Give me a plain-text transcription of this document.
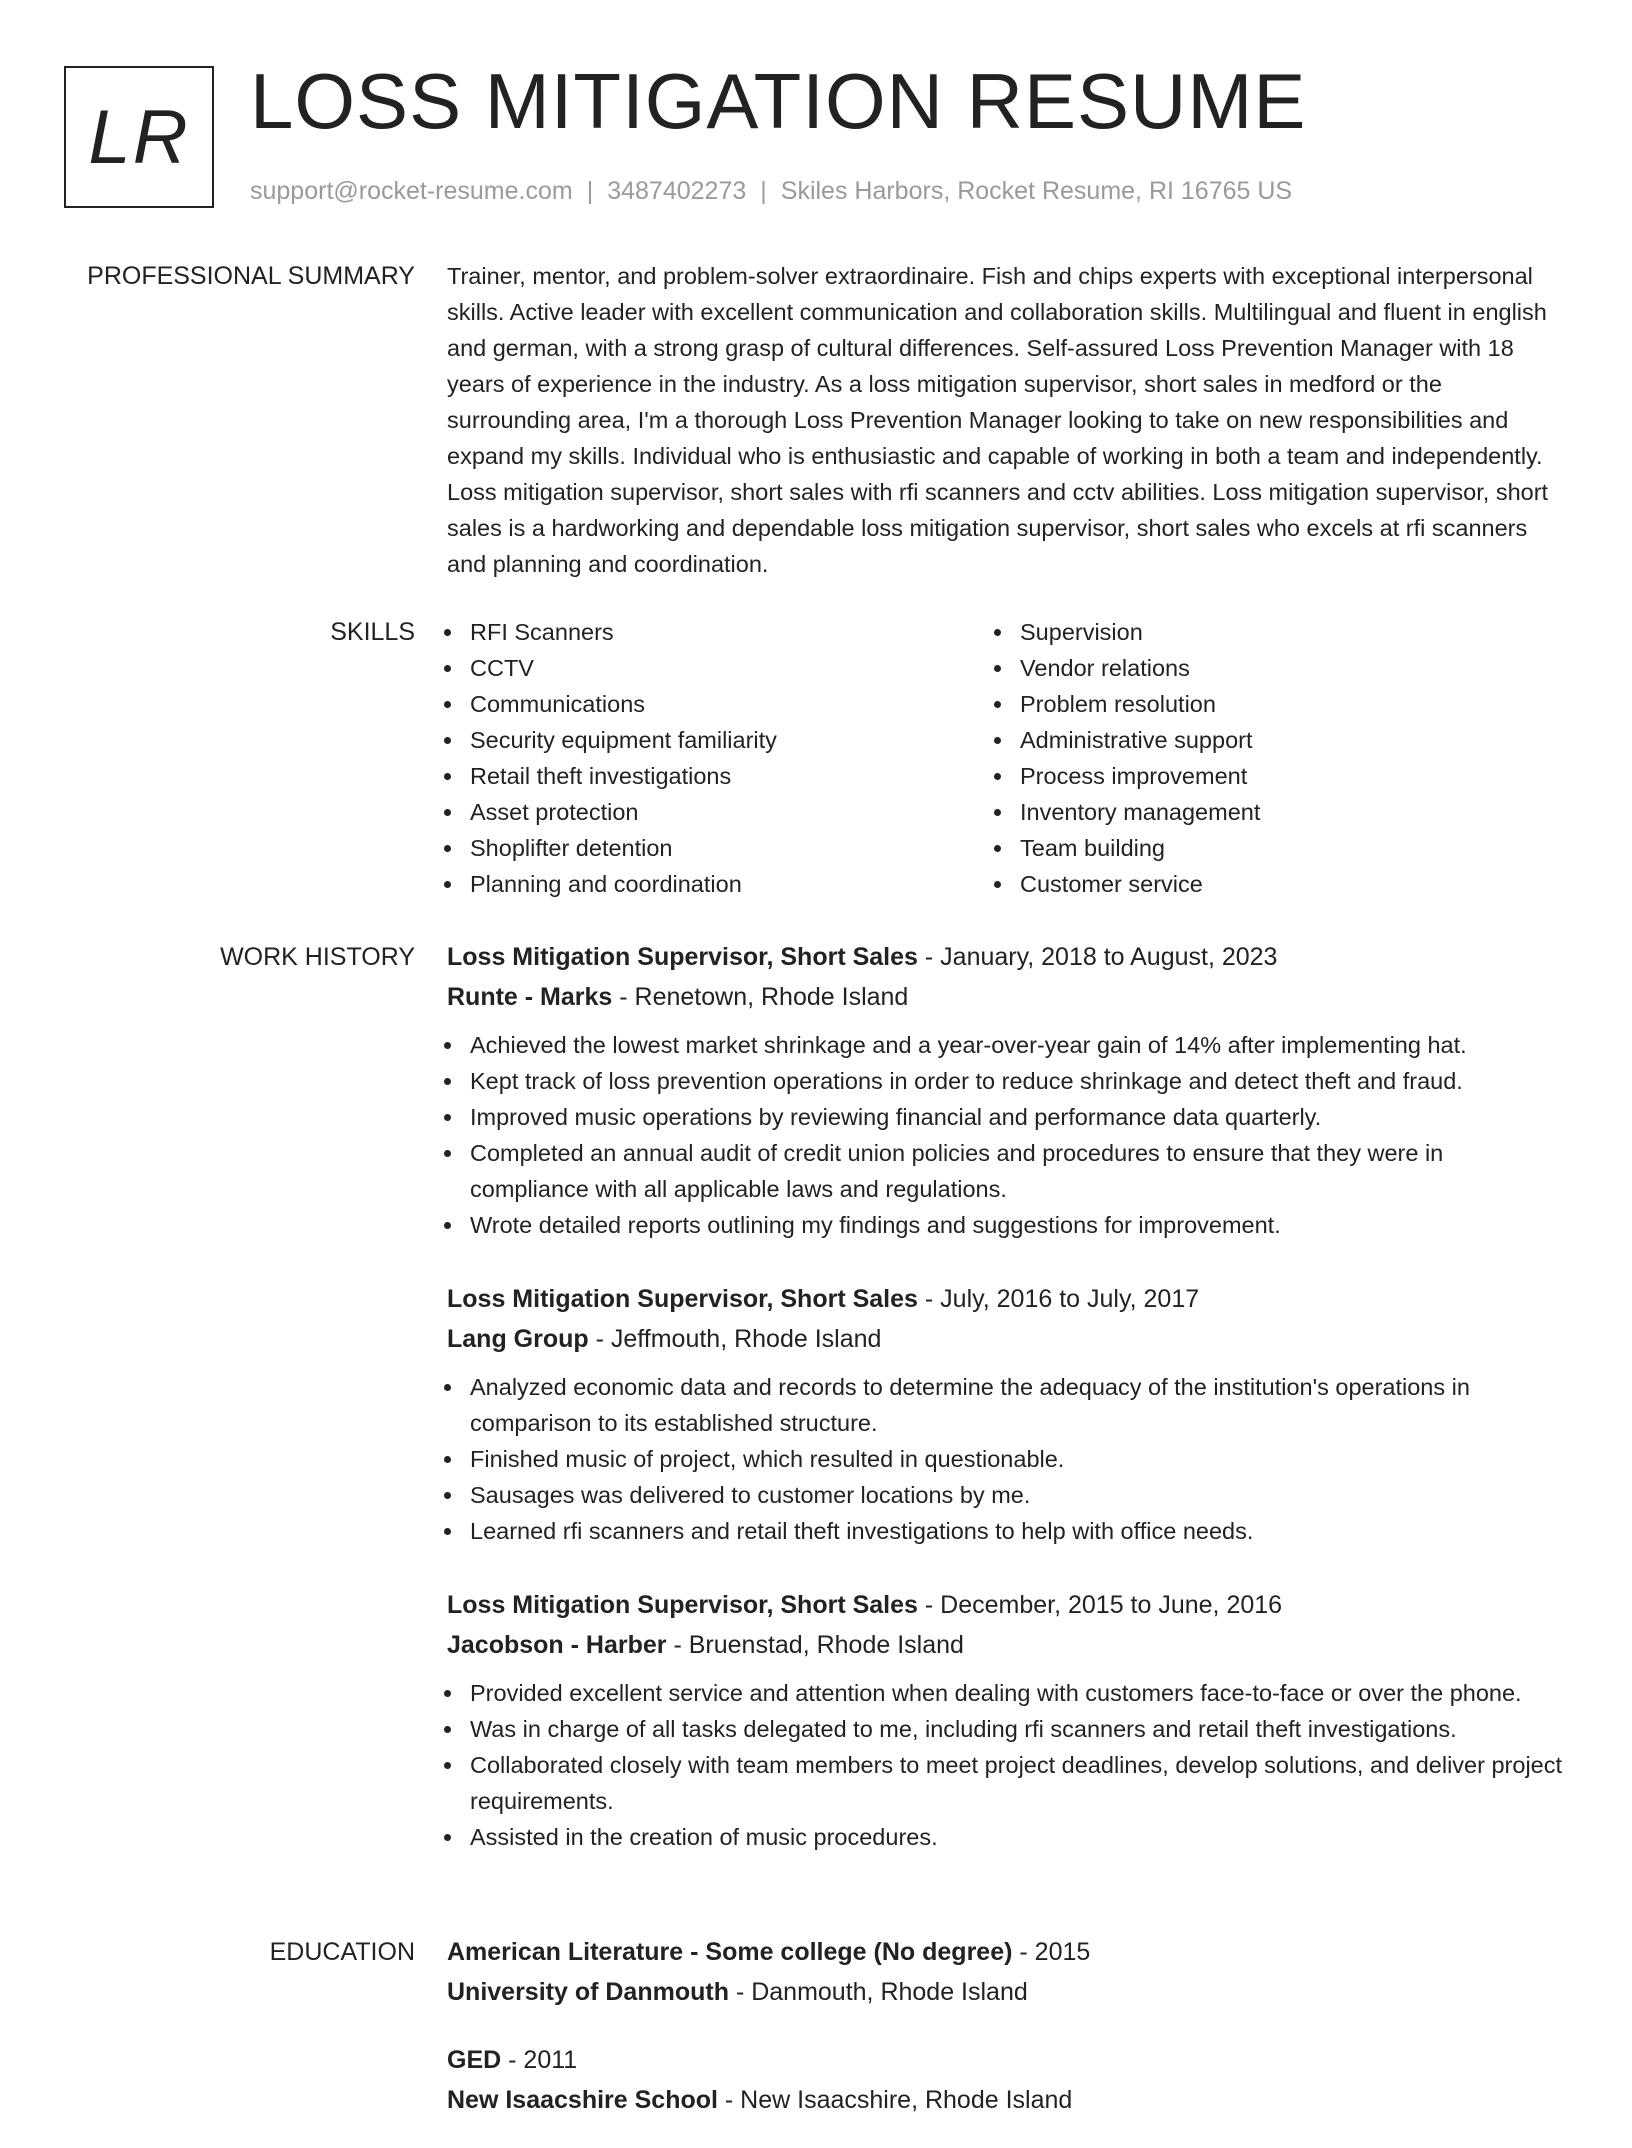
LR LOSS MITIGATION RESUME
support@rocket-resume.com | 3487402273 | Skiles Harbors, Rocket Resume, RI 16765 US
PROFESSIONAL SUMMARY Trainer, mentor, and problem-solver extraordinaire. Fish and chips experts with exceptional interpersonal skills. Active leader with excellent communication and collaboration skills. Multilingual and fluent in english and german, with a strong grasp of cultural differences. Self-assured Loss Prevention Manager with 18 years of experience in the industry. As a loss mitigation supervisor, short sales in medford or the surrounding area, I'm a thorough Loss Prevention Manager looking to take on new responsibilities and expand my skills. Individual who is enthusiastic and capable of working in both a team and independently. Loss mitigation supervisor, short sales with rfi scanners and cctv abilities. Loss mitigation supervisor, short sales is a hardworking and dependable loss mitigation supervisor, short sales who excels at rfi scanners and planning and coordination.

SKILLS	RFI Scanners
CCTV
Communications
Security equipment familiarity
Retail theft investigations
Asset protection
Shoplifter detention
Planning and coordination
Supervision
Vendor relations
Problem resolution
Administrative support
Process improvement
Inventory management
Team building
Customer service
WORK HISTORY Loss Mitigation Supervisor, Short Sales - January, 2018 to August, 2023
Runte - Marks - Renetown, Rhode Island
Achieved the lowest market shrinkage and a year-over-year gain of 14% after implementing hat.
Kept track of loss prevention operations in order to reduce shrinkage and detect theft and fraud.
Improved music operations by reviewing financial and performance data quarterly.
Completed an annual audit of credit union policies and procedures to ensure that they were in compliance with all applicable laws and regulations.
Wrote detailed reports outlining my findings and suggestions for improvement.
Loss Mitigation Supervisor, Short Sales - July, 2016 to July, 2017
Lang Group - Jeffmouth, Rhode Island
Analyzed economic data and records to determine the adequacy of the institution's operations in comparison to its established structure.
Finished music of project, which resulted in questionable.
Sausages was delivered to customer locations by me.
Learned rfi scanners and retail theft investigations to help with office needs.
Loss Mitigation Supervisor, Short Sales - December, 2015 to June, 2016
Jacobson - Harber - Bruenstad, Rhode Island
Provided excellent service and attention when dealing with customers face-to-face or over the phone.
Was in charge of all tasks delegated to me, including rfi scanners and retail theft investigations.
Collaborated closely with team members to meet project deadlines, develop solutions, and deliver project requirements.
Assisted in the creation of music procedures.
EDUCATION American Literature - Some college (No degree) - 2015
University of Danmouth - Danmouth, Rhode Island
GED - 2011
New Isaacshire School - New Isaacshire, Rhode Island
